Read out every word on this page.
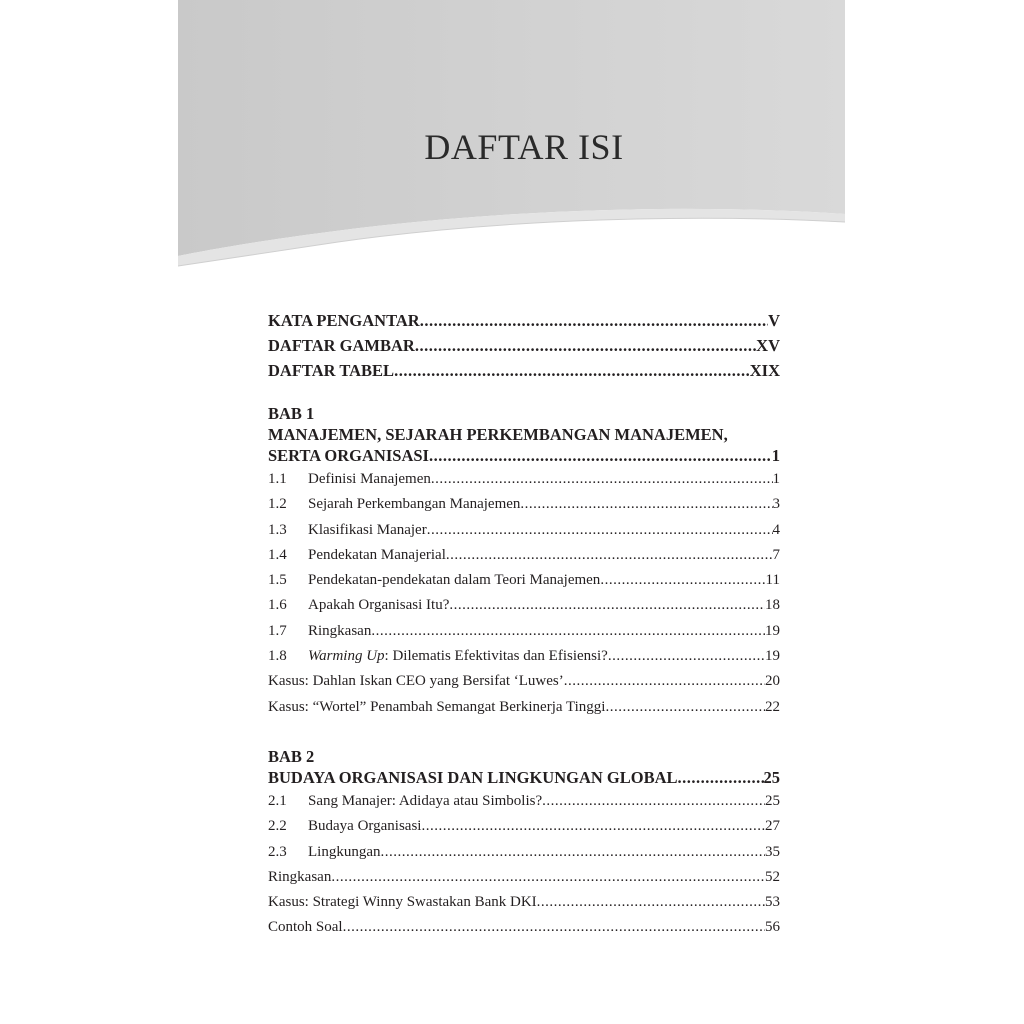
DAFTAR ISI
KATA PENGANTAR .....	V
DAFTAR GAMBAR .....	XV
DAFTAR TABEL .....	XIX
BAB 1
MANAJEMEN, SEJARAH PERKEMBANGAN MANAJEMEN,
SERTA ORGANISASI .....	1
1.1	Definisi Manajemen .....	1
1.2	Sejarah Perkembangan Manajemen .....	3
1.3	Klasifikasi Manajer .....	4
1.4	Pendekatan Manajerial .....	7
1.5	Pendekatan-pendekatan dalam Teori Manajemen .....	11
1.6	Apakah Organisasi Itu? .....	18
1.7	Ringkasan .....	19
1.8	Warming Up: Dilematis Efektivitas dan Efisiensi? .....	19
Kasus: Dahlan Iskan CEO yang Bersifat ‘Luwes’ .....	20
Kasus: “Wortel” Penambah Semangat Berkinerja Tinggi .....	22
BAB 2
BUDAYA ORGANISASI DAN LINGKUNGAN GLOBAL .....	25
2.1	Sang Manajer: Adidaya atau Simbolis? .....	25
2.2	Budaya Organisasi .....	27
2.3	Lingkungan .....	35
Ringkasan .....	52
Kasus: Strategi Winny Swastakan Bank DKI .....	53
Contoh Soal .....	56
